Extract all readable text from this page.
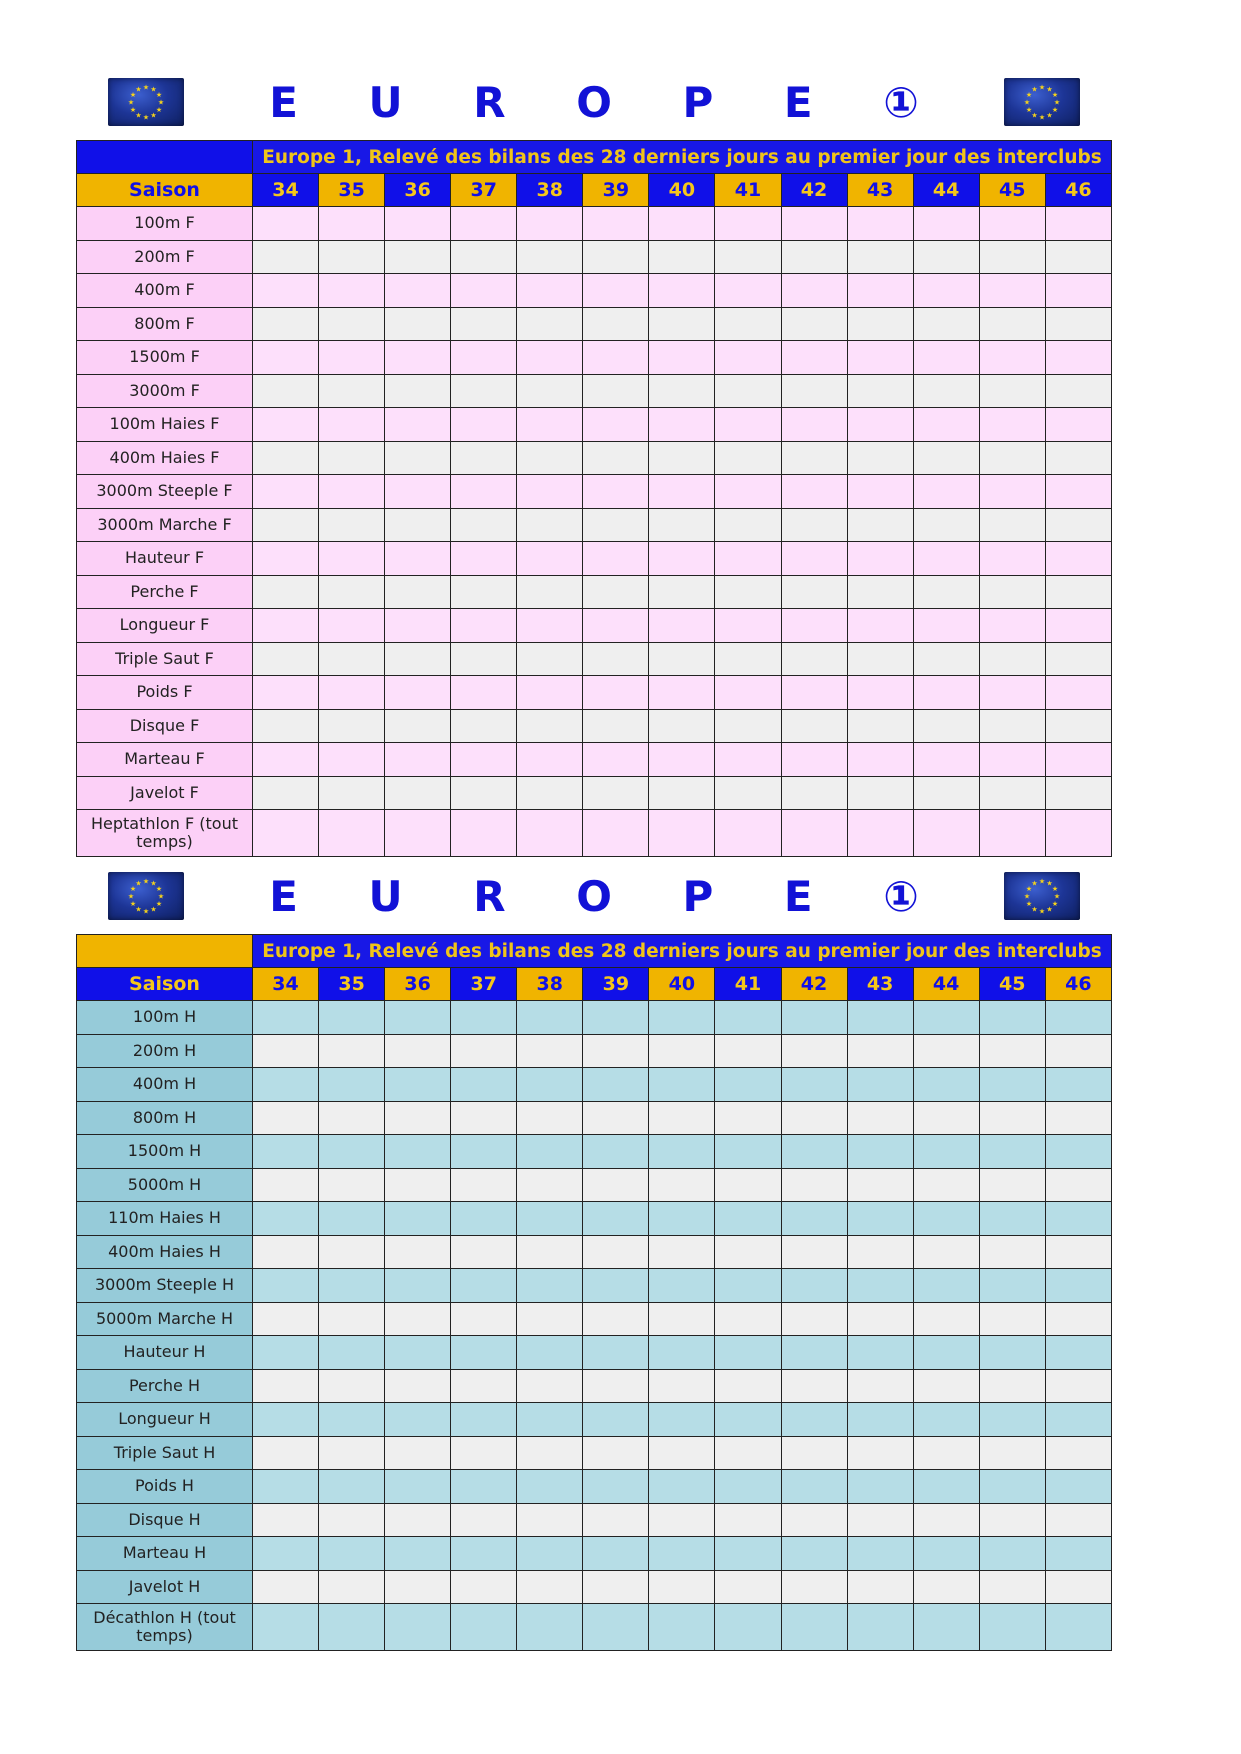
★
★
★
★
★
★
★
★
★ ★ ★
★	E U R O P E ①	★
★
★
★
★
★
★
★
★ ★ ★
★
	Europe 1, Relevé des bilans des 28 derniers jours au premier jour des interclubs												
Saison	34	35	36	37	38	39	40	41	42	43	44	45	46
100m F													
200m F													
400m F													
800m F													
1500m F													
3000m F													
100m Haies F													
400m Haies F													
3000m Steeple F													
3000m Marche F													
Hauteur F													
Perche F													
Longueur F													
Triple Saut F													
Poids F													
Disque F													
Marteau F													
Javelot F													
Heptathlon F (tout temps)													
★
★
★
★
★
★
★
★
★ ★ ★
★	E U R O P E ①	★
★
★
★
★
★
★
★
★ ★ ★
★
	Europe 1, Relevé des bilans des 28 derniers jours au premier jour des interclubs												
Saison	34	35	36	37	38	39	40	41	42	43	44	45	46
100m H													
200m H													
400m H													
800m H													
1500m H													
5000m H													
110m Haies H													
400m Haies H													
3000m Steeple H													
5000m Marche H													
Hauteur H													
Perche H													
Longueur H													
Triple Saut H													
Poids H													
Disque H													
Marteau H													
Javelot H													
Décathlon H (tout temps)													
